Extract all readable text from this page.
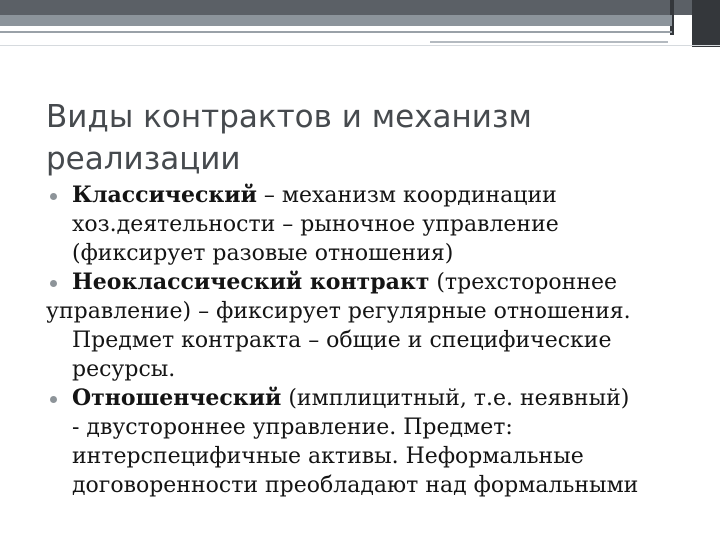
Виды контрактов и механизм
реализации
Классический – механизм координации
хоз.деятельности – рыночное управление
(фиксирует разовые отношения)
Неоклассический контракт (трехстороннее
управление) – фиксирует регулярные отношения.
Предмет контракта – общие и специфические
ресурсы.
Отношенческий (имплицитный, т.е. неявный)
- двустороннее управление. Предмет:
интерспецифичные активы. Неформальные
договоренности преобладают над формальными
